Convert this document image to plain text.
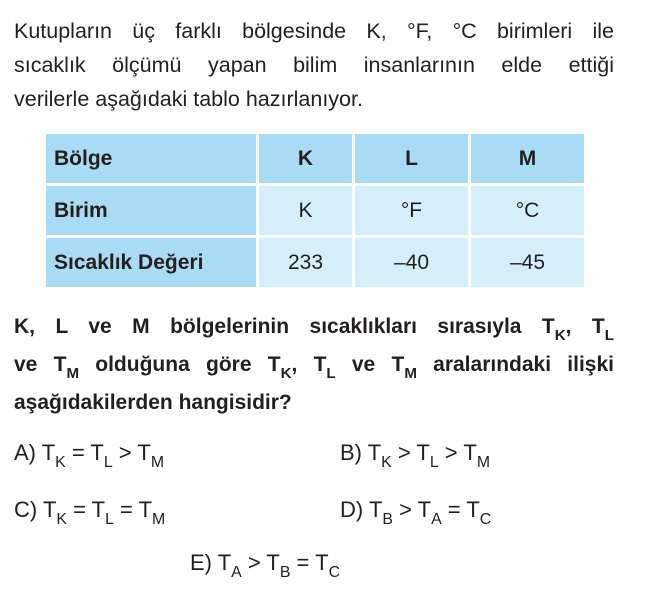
Kutupların üç farklı bölgesinde K, °F, °C birimleri ile
sıcaklık ölçümü yapan bilim insanlarının elde ettiği
verilerle aşağıdaki tablo hazırlanıyor.

Bölge	K	L	M
Birim	K	°F	°C
Sıcaklık Değeri	233	–40	–45

K, L ve M bölgelerinin sıcaklıkları sırasıyla $T_K$, $T_L$
ve $T_M$ olduğuna göre $T_K$, $T_L$ ve $T_M$ aralarındaki ilişki
aşağıdakilerden hangisidir?

A) $T_K = T_L > T_M$	B) $T_K > T_L > T_M$
C) $T_K = T_L = T_M$	D) $T_B > T_A = T_C$
E) $T_A > T_B = T_C$
